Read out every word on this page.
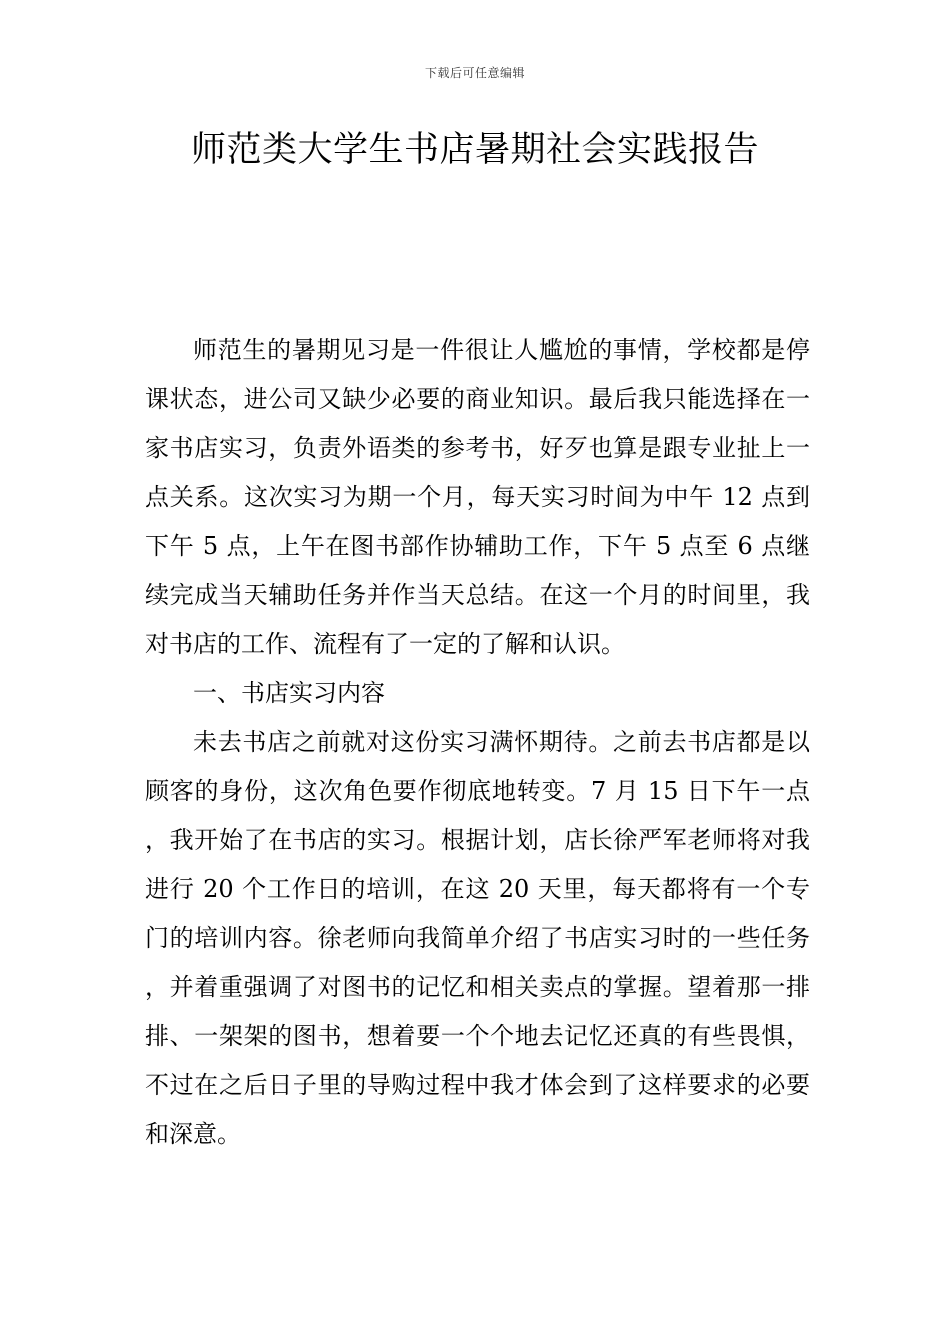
下载后可任意编辑
师范类大学生书店暑期社会实践报告

师范生的暑期见习是一件很让人尴尬的事情，学校都是停课状态，进公司又缺少必要的商业知识。最后我只能选择在一家书店实习，负责外语类的参考书，好歹也算是跟专业扯上一点关系。这次实习为期一个月，每天实习时间为中午 12 点到下午 5 点，上午在图书部作协辅助工作，下午 5 点至 6 点继续完成当天辅助任务并作当天总结。在这一个月的时间里，我对书店的工作、流程有了一定的了解和认识。

一、书店实习内容

未去书店之前就对这份实习满怀期待。之前去书店都是以顾客的身份，这次角色要作彻底地转变。7 月 15 日下午一点，我开始了在书店的实习。根据计划，店长徐严军老师将对我进行 20 个工作日的培训，在这 20 天里，每天都将有一个专门的培训内容。徐老师向我简单介绍了书店实习时的一些任务，并着重强调了对图书的记忆和相关卖点的掌握。望着那一排排、一架架的图书，想着要一个个地去记忆还真的有些畏惧，不过在之后日子里的导购过程中我才体会到了这样要求的必要和深意。
